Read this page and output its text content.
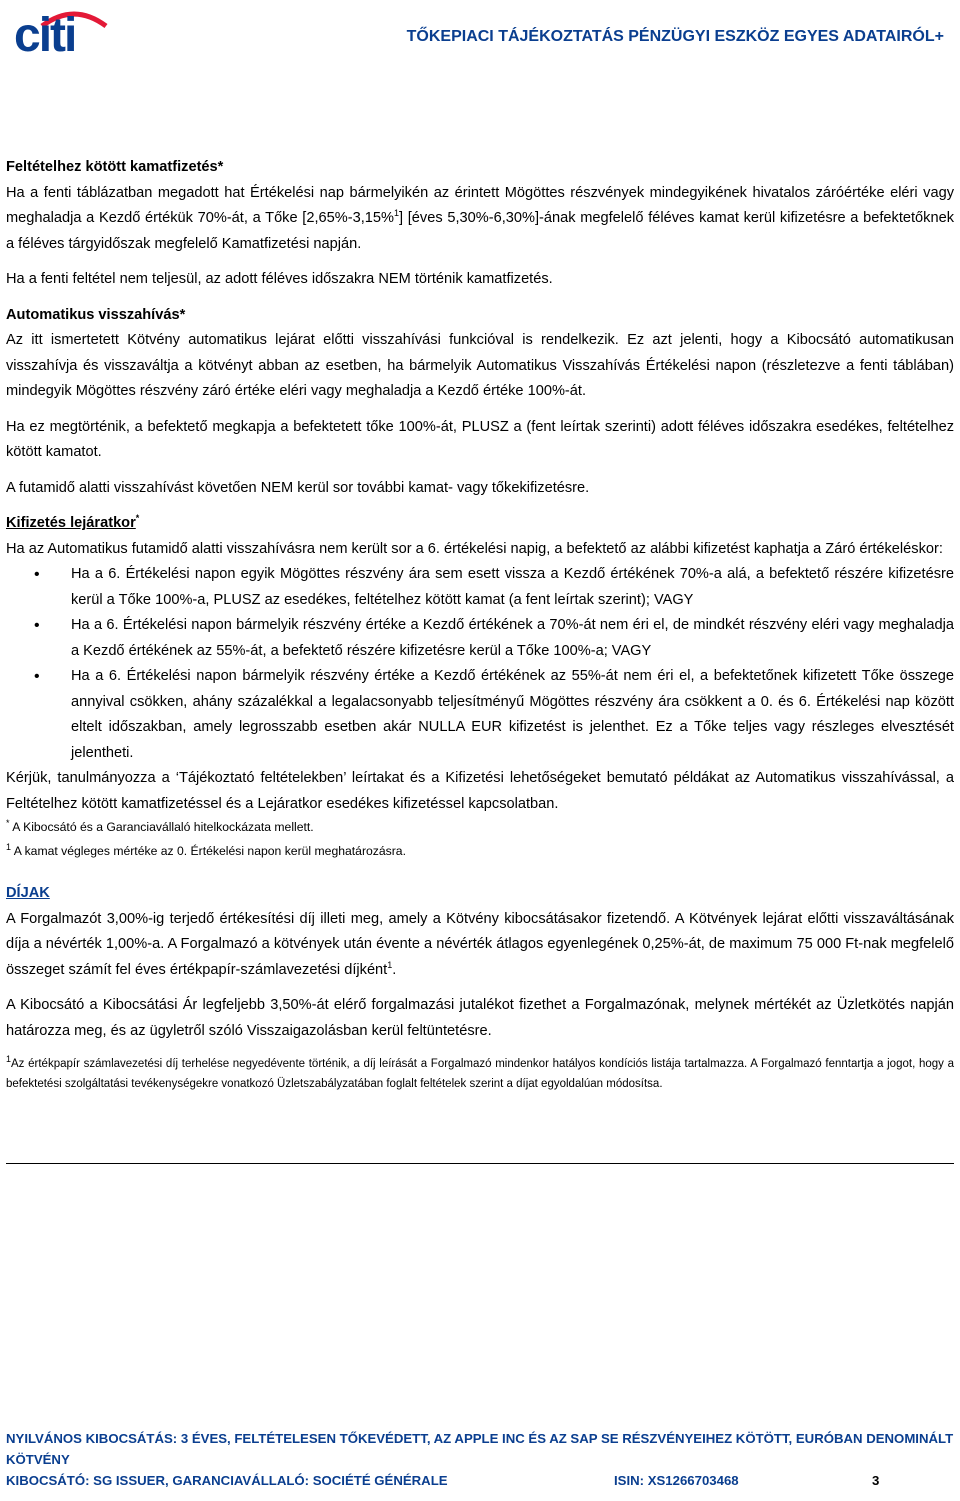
citi	TŐKEPIACI TÁJÉKOZTATÁS PÉNZÜGYI ESZKÖZ EGYES ADATAIRÓL+

Feltételhez kötött kamatfizetés*

Ha a fenti táblázatban megadott hat Értékelési nap bármelyikén az érintett Mögöttes részvények mindegyikének hivatalos záróértéke eléri vagy meghaladja a Kezdő értékük 70%-át, a Tőke [2,65%-3,15%$^1$] [éves 5,30%-6,30%]-ának megfelelő féléves kamat kerül kifizetésre a befektetőknek a féléves tárgyidőszak megfelelő Kamatfizetési napján.

Ha a fenti feltétel nem teljesül, az adott féléves időszakra NEM történik kamatfizetés.

Automatikus visszahívás*

Az itt ismertetett Kötvény automatikus lejárat előtti visszahívási funkcióval is rendelkezik. Ez azt jelenti, hogy a Kibocsátó automatikusan visszahívja és visszaváltja a kötvényt abban az esetben, ha bármelyik Automatikus Visszahívás Értékelési napon (részletezve a fenti táblában) mindegyik Mögöttes részvény záró értéke eléri vagy meghaladja a Kezdő értéke 100%-át.

Ha ez megtörténik, a befektető megkapja a befektetett tőke 100%-át, PLUSZ a (fent leírtak szerinti) adott féléves időszakra esedékes, feltételhez kötött kamatot.

A futamidő alatti visszahívást követően NEM kerül sor további kamat- vagy tőkekifizetésre.

Kifizetés lejáratkor*

Ha az Automatikus futamidő alatti visszahívásra nem került sor a 6. értékelési napig, a befektető az alábbi kifizetést kaphatja a Záró értékeléskor:

• Ha a 6. Értékelési napon egyik Mögöttes részvény ára sem esett vissza a Kezdő értékének 70%-a alá, a befektető részére kifizetésre kerül a Tőke 100%-a, PLUSZ az esedékes, feltételhez kötött kamat (a fent leírtak szerint); VAGY
• Ha a 6. Értékelési napon bármelyik részvény értéke a Kezdő értékének a 70%-át nem éri el, de mindkét részvény eléri vagy meghaladja a Kezdő értékének az 55%-át, a befektető részére kifizetésre kerül a Tőke 100%-a; VAGY
• Ha a 6. Értékelési napon bármelyik részvény értéke a Kezdő értékének az 55%-át nem éri el, a befektetőnek kifizetett Tőke összege annyival csökken, ahány százalékkal a legalacsonyabb teljesítményű Mögöttes részvény ára csökkent a 0. és 6. Értékelési nap között eltelt időszakban, amely legrosszabb esetben akár NULLA EUR kifizetést is jelenthet. Ez a Tőke teljes vagy részleges elvesztését jelentheti.

Kérjük, tanulmányozza a ‘Tájékoztató feltételekben’ leírtakat és a Kifizetési lehetőségeket bemutató példákat az Automatikus visszahívással, a Feltételhez kötött kamatfizetéssel és a Lejáratkor esedékes kifizetéssel kapcsolatban.

* A Kibocsátó és a Garanciavállaló hitelkockázata mellett.

$^1$ A kamat végleges mértéke az 0. Értékelési napon kerül meghatározásra.

DÍJAK

A Forgalmazót 3,00%-ig terjedő értékesítési díj illeti meg, amely a Kötvény kibocsátásakor fizetendő. A Kötvények lejárat előtti visszaváltásának díja a névérték 1,00%-a. A Forgalmazó a kötvények után évente a névérték átlagos egyenlegének 0,25%-át, de maximum 75 000 Ft-nak megfelelő összeget számít fel éves értékpapír-számlavezetési díjként$^1$.

A Kibocsátó a Kibocsátási Ár legfeljebb 3,50%-át elérő forgalmazási jutalékot fizethet a Forgalmazónak, melynek mértékét az Üzletkötés napján határozza meg, és az ügyletről szóló Visszaigazolásban kerül feltüntetésre.

$^1$Az értékpapír számlavezetési díj terhelése negyedévente történik, a díj leírását a Forgalmazó mindenkor hatályos kondíciós listája tartalmazza. A Forgalmazó fenntartja a jogot, hogy a befektetési szolgáltatási tevékenységekre vonatkozó Üzletszabályzatában foglalt feltételek szerint a díjat egyoldalúan módosítsa.

NYILVÁNOS KIBOCSÁTÁS: 3 ÉVES, FELTÉTELESEN TŐKEVÉDETT, AZ APPLE INC ÉS AZ SAP SE RÉSZVÉNYEIHEZ KÖTÖTT, EURÓBAN DENOMINÁLT KÖTVÉNY
KIBOCSÁTÓ: SG ISSUER, GARANCIAVÁLLALÓ: SOCIÉTÉ GÉNÉRALE	ISIN: XS1266703468	3
